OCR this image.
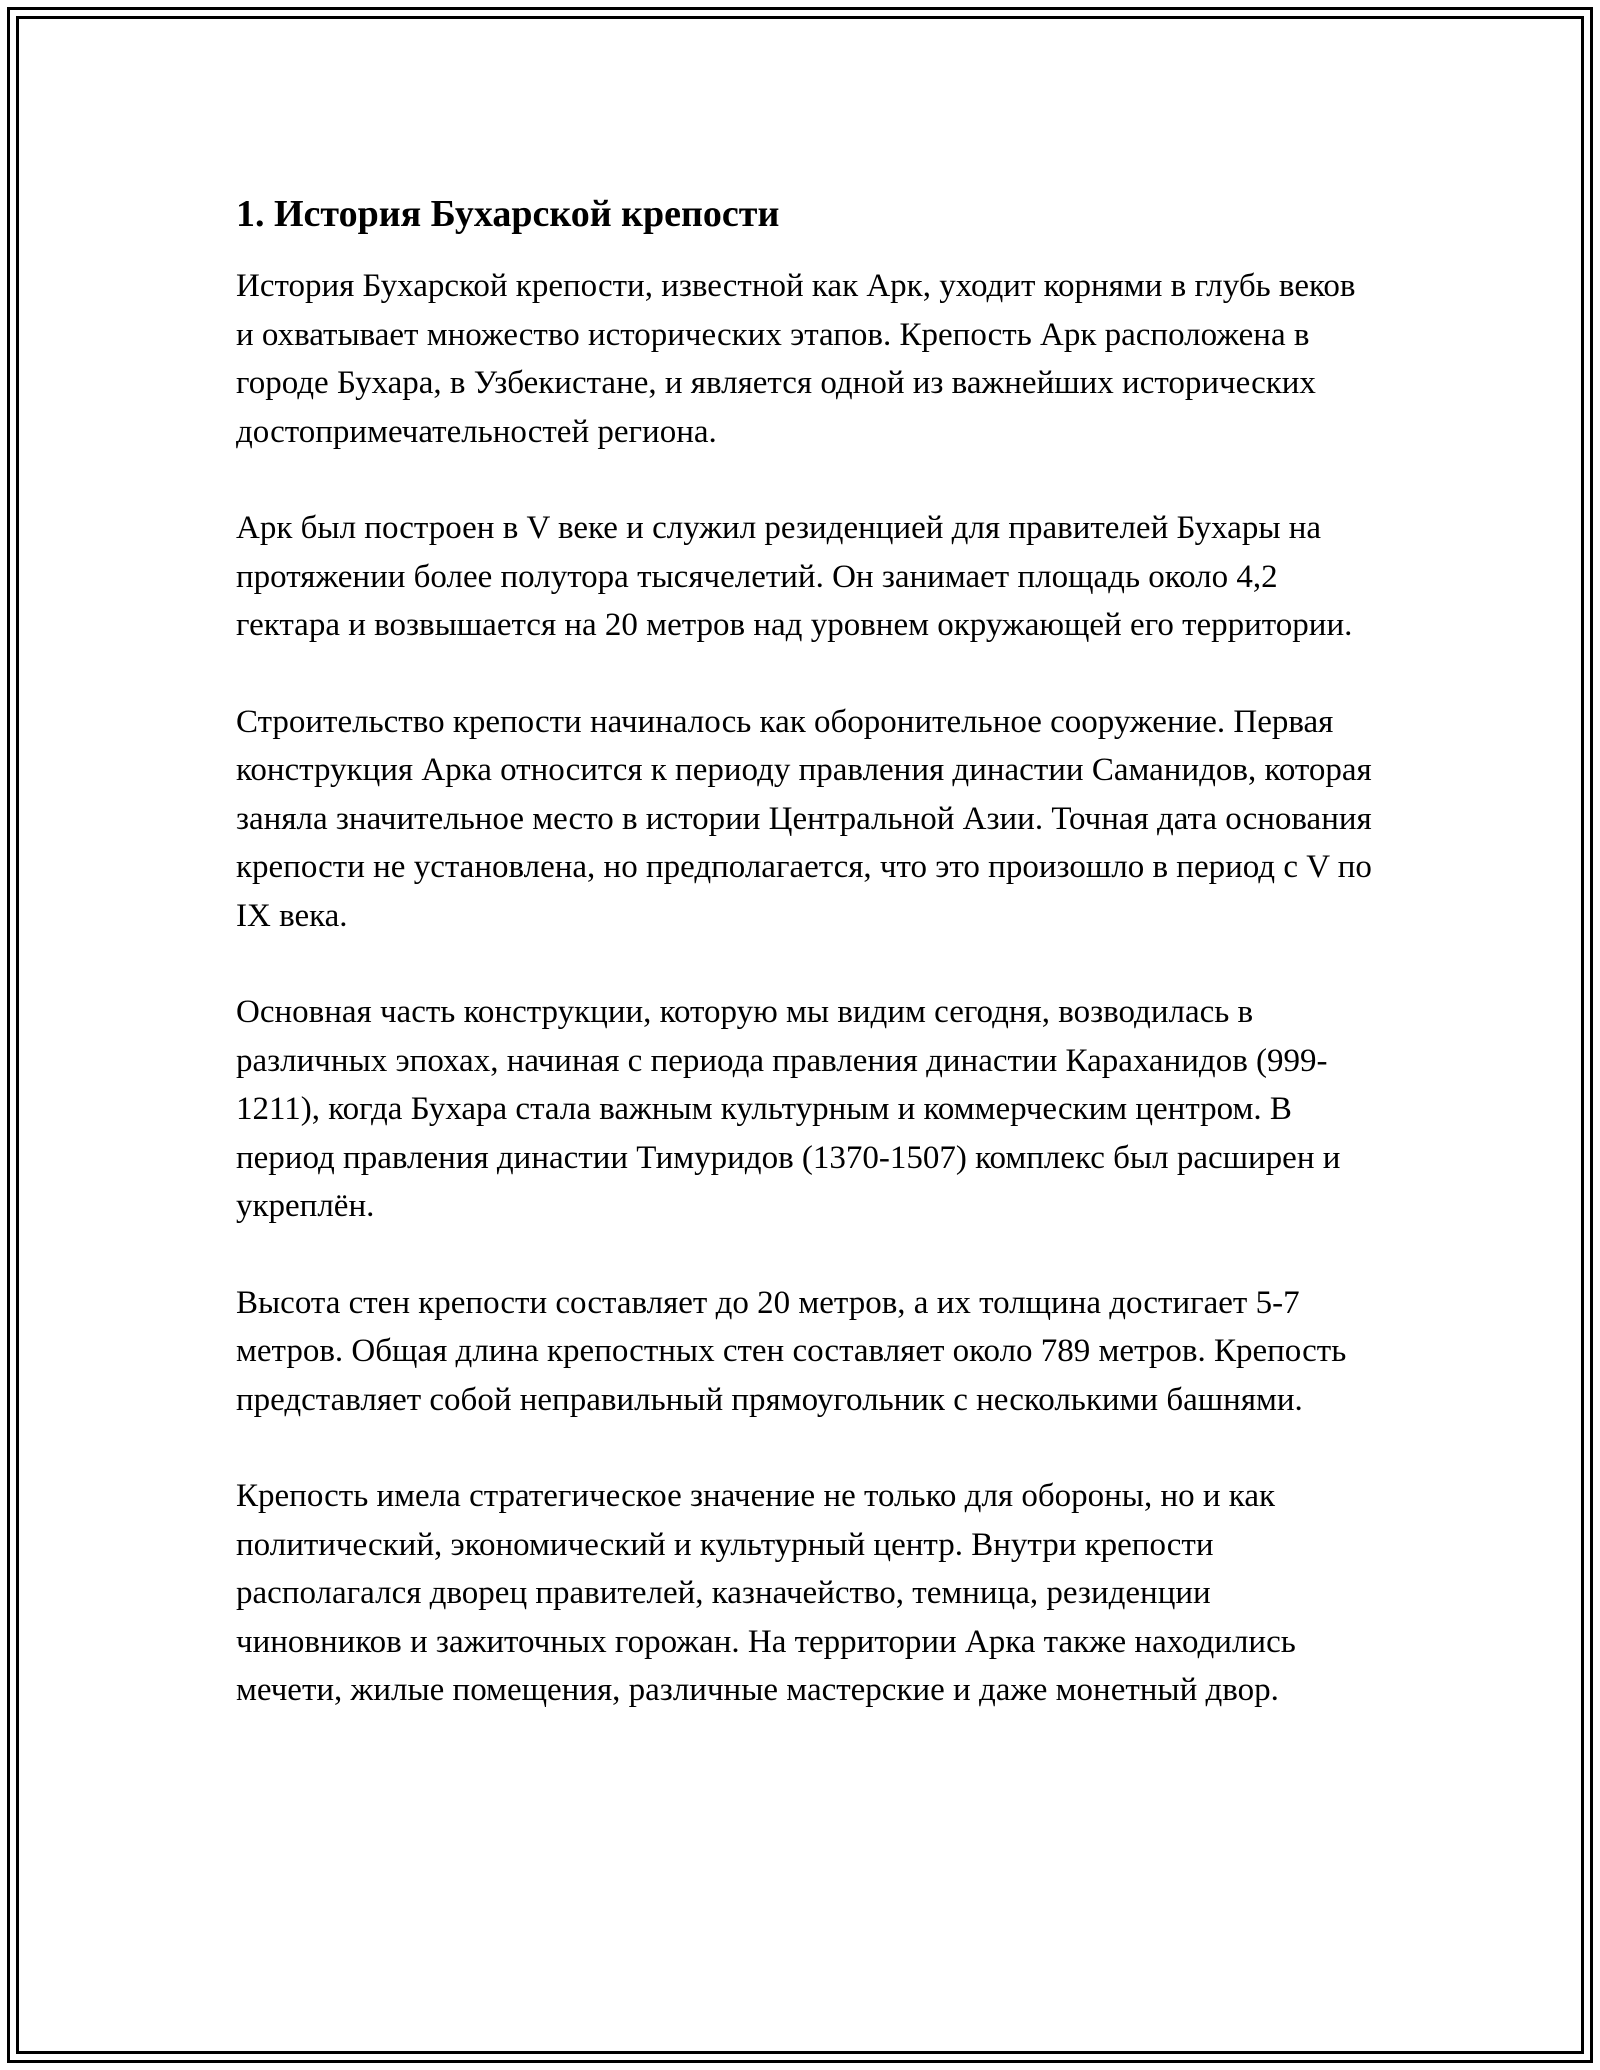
1. История Бухарской крепости

История Бухарской крепости, известной как Арк, уходит корнями в глубь веков и охватывает множество исторических этапов. Крепость Арк расположена в городе Бухара, в Узбекистане, и является одной из важнейших исторических достопримечательностей региона.

Арк был построен в V веке и служил резиденцией для правителей Бухары на протяжении более полутора тысячелетий. Он занимает площадь около 4,2 гектара и возвышается на 20 метров над уровнем окружающей его территории.

Строительство крепости начиналось как оборонительное сооружение. Первая конструкция Арка относится к периоду правления династии Саманидов, которая заняла значительное место в истории Центральной Азии. Точная дата основания крепости не установлена, но предполагается, что это произошло в период с V по IX века.

Основная часть конструкции, которую мы видим сегодня, возводилась в различных эпохах, начиная с периода правления династии Караханидов (999-1211), когда Бухара стала важным культурным и коммерческим центром. В период правления династии Тимуридов (1370-1507) комплекс был расширен и укреплён.

Высота стен крепости составляет до 20 метров, а их толщина достигает 5-7 метров. Общая длина крепостных стен составляет около 789 метров. Крепость представляет собой неправильный прямоугольник с несколькими башнями.

Крепость имела стратегическое значение не только для обороны, но и как политический, экономический и культурный центр. Внутри крепости располагался дворец правителей, казначейство, темница, резиденции чиновников и зажиточных горожан. На территории Арка также находились мечети, жилые помещения, различные мастерские и даже монетный двор.
